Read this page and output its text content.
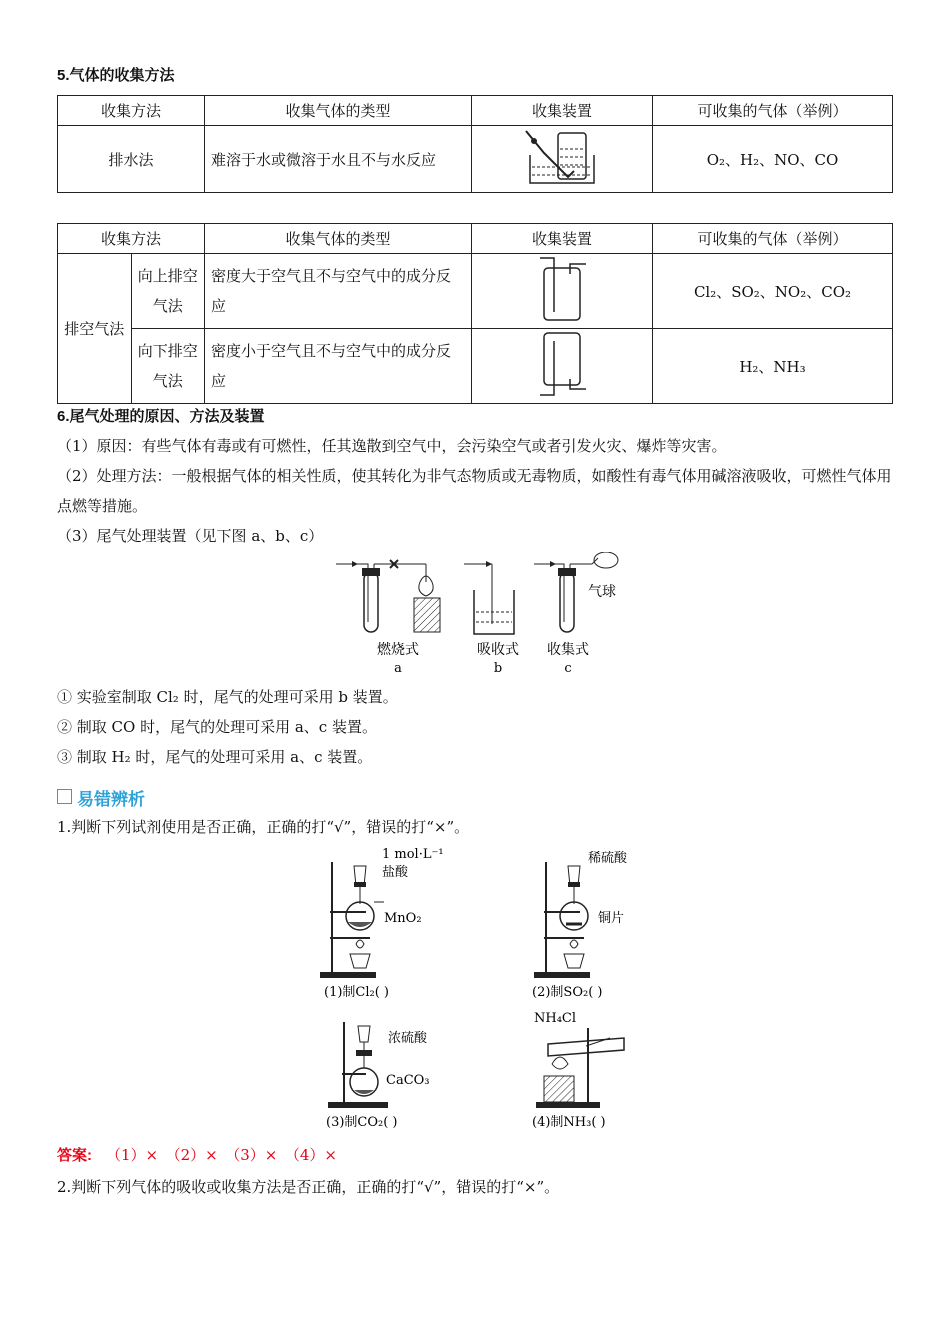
5.气体的收集方法
收集方法	收集气体的类型	收集装置	可收集的气体（举例）
排水法	难溶于水或微溶于水且不与水反应		O₂、H₂、NO、CO
收集方法		收集气体的类型	收集装置	可收集的气体（举例）
排空气法	向上排空气法	密度大于空气且不与空气中的成分反应		Cl₂、SO₂、NO₂、CO₂
	向下排空气法	密度小于空气且不与空气中的成分反应		H₂、NH₃
6.尾气处理的原因、方法及装置
（1）原因：有些气体有毒或有可燃性，任其逸散到空气中，会污染空气或者引发火灾、爆炸等灾害。
（2）处理方法：一般根据气体的相关性质，使其转化为非气态物质或无毒物质，如酸性有毒气体用碱溶液吸收，可燃性气体用点燃等措施。
（3）尾气处理装置（见下图 a、b、c）
气球
燃烧式	吸收式 收集式
a	b	c
① 实验室制取 Cl₂ 时，尾气的处理可采用 b 装置。
② 制取 CO 时，尾气的处理可采用 a、c 装置。
③ 制取 H₂ 时，尾气的处理可采用 a、c 装置。
易错辨析
1.判断下列试剂使用是否正确，正确的打“√”，错误的打“×”。
1 mol·L⁻¹
盐酸
MnO₂
(1)制Cl₂( )
稀硫酸
铜片
(2)制SO₂( )
浓硫酸
CaCO₃
(3)制CO₂( )
NH₄Cl
(4)制NH₃( )
答案: （1）×　（2）×　（3）×　（4）×
2.判断下列气体的吸收或收集方法是否正确，正确的打“√”，错误的打“×”。
